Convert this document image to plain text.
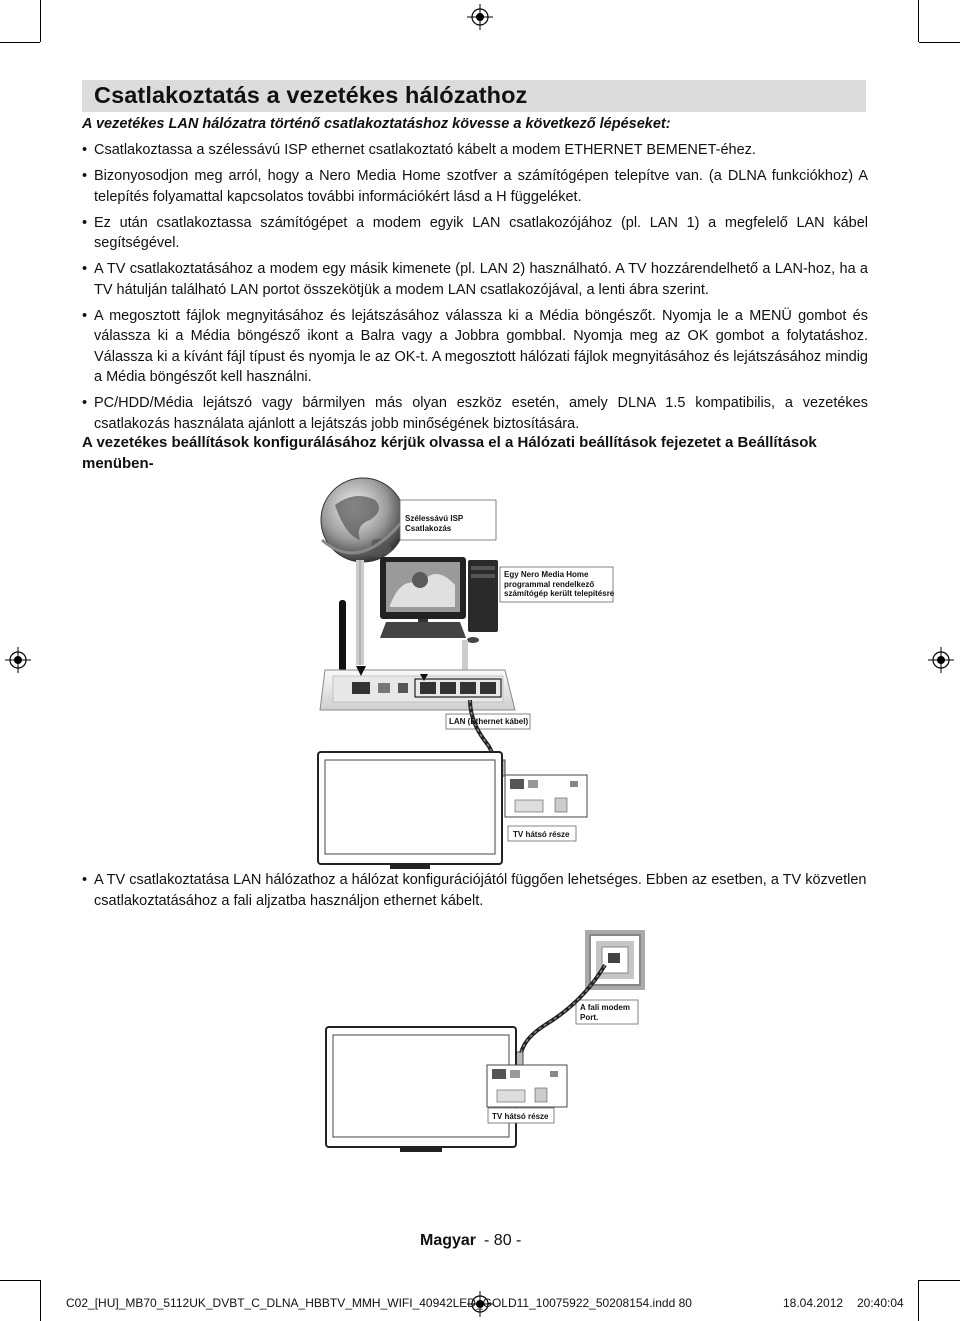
Csatlakoztatás a vezetékes hálózathoz

A vezetékes LAN hálózatra történő csatlakoztatáshoz kövesse a következő lépéseket:

• Csatlakoztassa a szélessávú ISP ethernet csatlakoztató kábelt a modem ETHERNET BEMENET-éhez.
• Bizonyosodjon meg arról, hogy a Nero Media Home szotfver a számítógépen telepítve van. (a DLNA funkciókhoz) A telepítés folyamattal kapcsolatos további információkért lásd a H függeléket.
• Ez után csatlakoztassa számítógépet a modem egyik LAN csatlakozójához (pl. LAN 1) a megfelelő LAN kábel segítségével.
• A TV csatlakoztatásához a modem egy másik kimenete (pl. LAN 2) használható. A TV hozzárendelhető a LAN-hoz, ha a TV hátulján található LAN portot összekötjük a modem LAN csatlakozójával, a lenti ábra szerint.
• A megosztott fájlok megnyitásához és lejátszásához válassza ki a Média böngészőt. Nyomja le a MENÜ gombot és válassza ki a Média böngésző ikont a Balra vagy a Jobbra gombbal. Nyomja meg az OK gombot a folytatáshoz. Válassza ki a kívánt fájl típust és nyomja le az OK-t. A megosztott hálózati fájlok megnyitásához és lejátszásához mindig a Média böngészőt kell használni.
• PC/HDD/Média lejátszó vagy bármilyen más olyan eszköz esetén, amely DLNA 1.5 kompatibilis, a vezetékes csatlakozás használata ajánlott a lejátszás jobb minőségének biztosítására.

A vezetékes beállítások konfigurálásához kérjük olvassa el a Hálózati beállítások fejezetet a Beállítások menüben-

Szélessávú ISP
Csatlakozás
Egy Nero Media Home
programmal rendelkező
számítógép került telepítésre
LAN (Ethernet kábel)
TV hátsó része
• A TV csatlakoztatása LAN hálózathoz a hálózat konfigurációjától függően lehetséges. Ebben az esetben, a TV közvetlen csatlakoztatásához a fali aljzatba használjon ethernet kábelt.
A fali modem
Port.
TV hátsó része
Magyar - 80 -
C02_[HU]_MB70_5112UK_DVBT_C_DLNA_HBBTV_MMH_WIFI_40942LED_GOLD11_10075922_50208154.indd 80	18.04.2012 20:40:04
